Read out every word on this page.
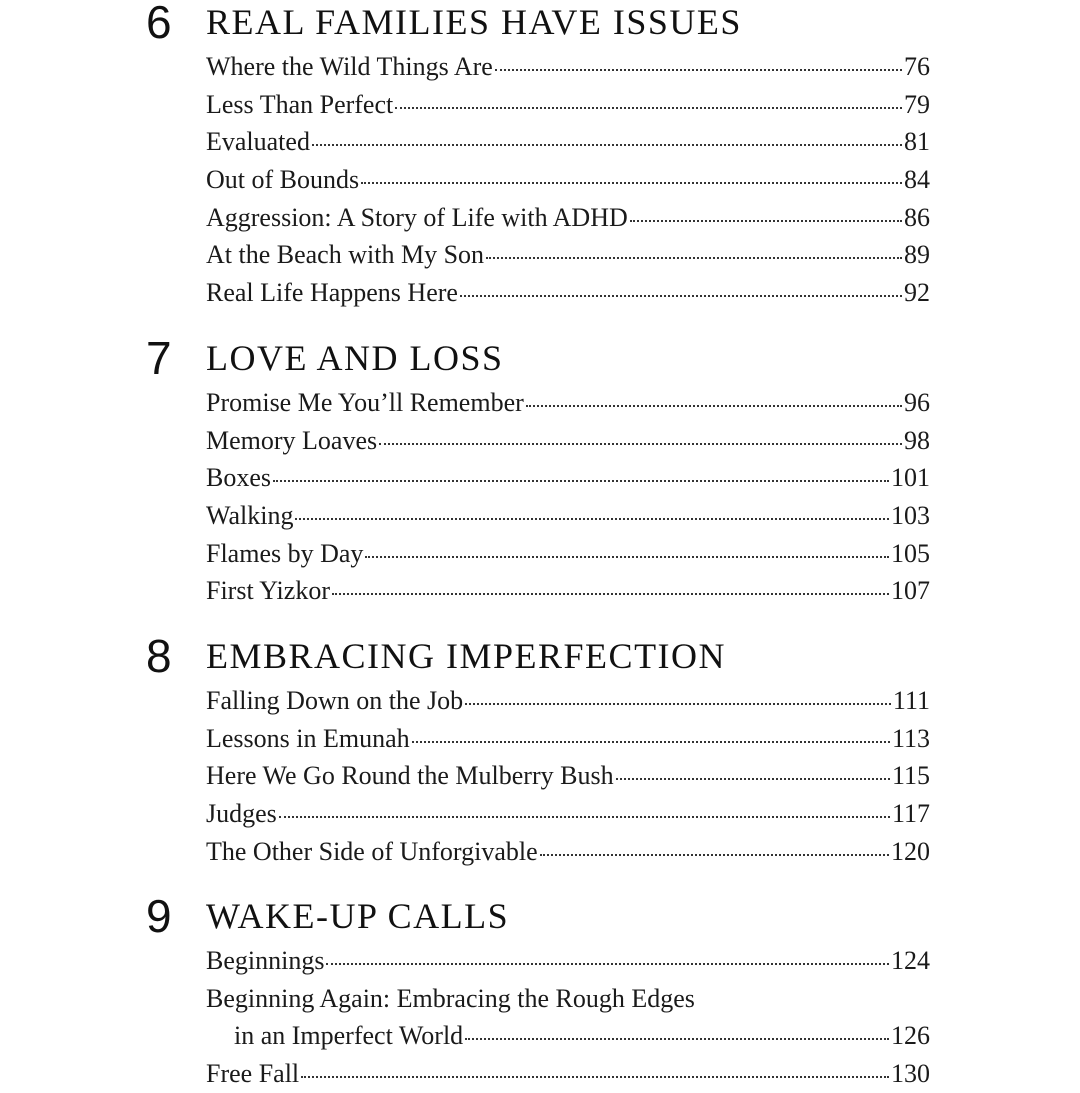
6 REAL FAMILIES HAVE ISSUES
Where the Wild Things Are	76
Less Than Perfect	79
Evaluated	81
Out of Bounds	84
Aggression: A Story of Life with ADHD	86
At the Beach with My Son	89
Real Life Happens Here	92
7 LOVE AND LOSS
Promise Me You’ll Remember	96
Memory Loaves	98
Boxes	101
Walking	103
Flames by Day	105
First Yizkor	107
8 EMBRACING IMPERFECTION
Falling Down on the Job	111
Lessons in Emunah	113
Here We Go Round the Mulberry Bush	115
Judges	117
The Other Side of Unforgivable	120
9 WAKE-UP CALLS
Beginnings	124
Beginning Again: Embracing the Rough Edges
in an Imperfect World	126
Free Fall	130
